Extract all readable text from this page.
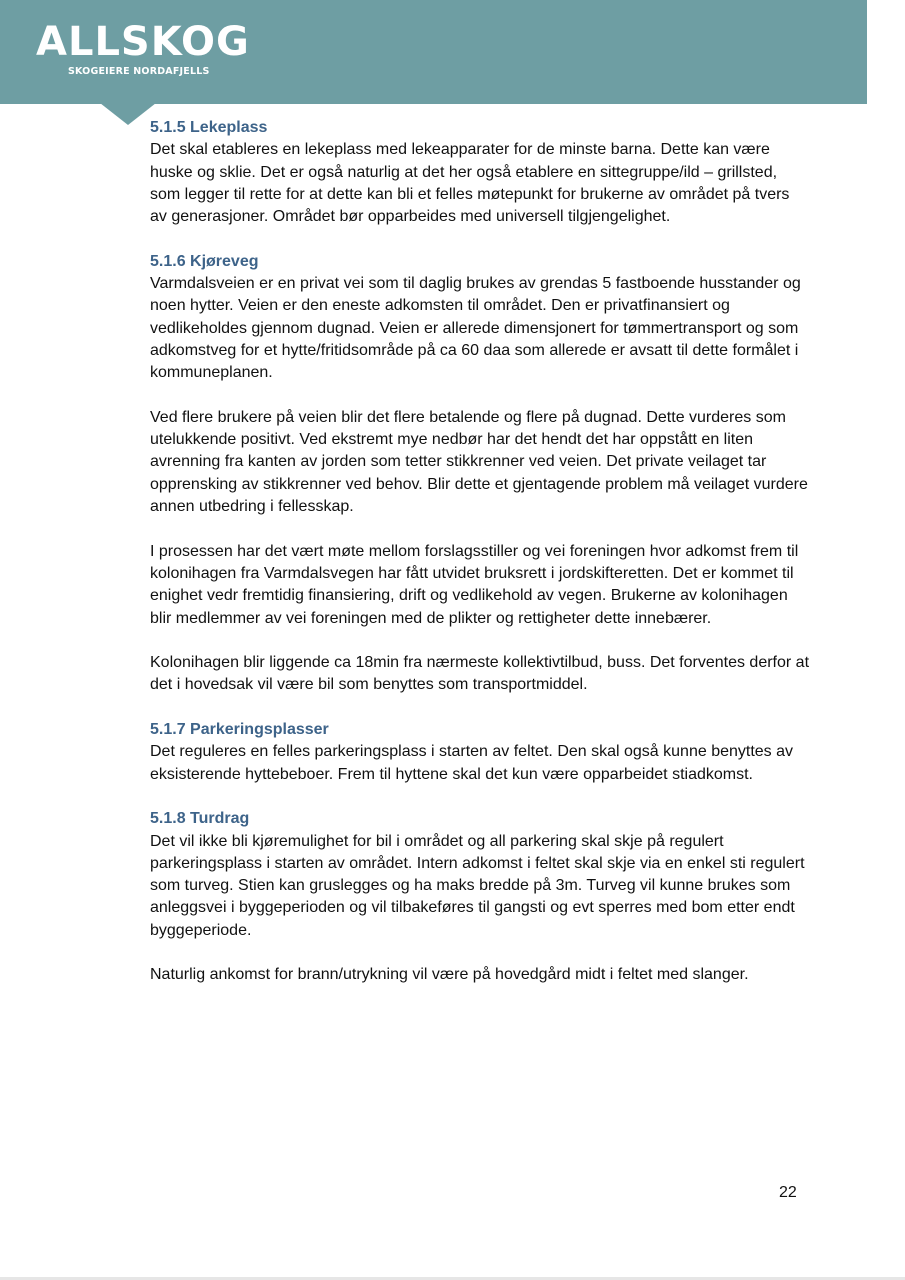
ALLSKOG
SKOGEIERE NORDAFJELLS

5.1.5 Lekeplass

Det skal etableres en lekeplass med lekeapparater for de minste barna. Dette kan være huske og sklie. Det er også naturlig at det her også etablere en sittegruppe/ild – grillsted, som legger til rette for at dette kan bli et felles møtepunkt for brukerne av området på tvers av generasjoner. Området bør opparbeides med universell tilgjengelighet.

5.1.6 Kjøreveg

Varmdalsveien er en privat vei som til daglig brukes av grendas 5 fastboende husstander og noen hytter. Veien er den eneste adkomsten til området. Den er privatfinansiert og vedlikeholdes gjennom dugnad. Veien er allerede dimensjonert for tømmertransport og som adkomstveg for et hytte/fritidsområde på ca 60 daa som allerede er avsatt til dette formålet i kommuneplanen.

Ved flere brukere på veien blir det flere betalende og flere på dugnad. Dette vurderes som utelukkende positivt. Ved ekstremt mye nedbør har det hendt det har oppstått en liten avrenning fra kanten av jorden som tetter stikkrenner ved veien. Det private veilaget tar opprensking av stikkrenner ved behov. Blir dette et gjentagende problem må veilaget vurdere annen utbedring i fellesskap.

I prosessen har det vært møte mellom forslagsstiller og vei foreningen hvor adkomst frem til kolonihagen fra Varmdalsvegen har fått utvidet bruksrett i jordskifteretten. Det er kommet til enighet vedr fremtidig finansiering, drift og vedlikehold av vegen. Brukerne av kolonihagen blir medlemmer av vei foreningen med de plikter og rettigheter dette innebærer.

Kolonihagen blir liggende ca 18min fra nærmeste kollektivtilbud, buss. Det forventes derfor at det i hovedsak vil være bil som benyttes som transportmiddel.

5.1.7 Parkeringsplasser

Det reguleres en felles parkeringsplass i starten av feltet. Den skal også kunne benyttes av eksisterende hyttebeboer. Frem til hyttene skal det kun være opparbeidet stiadkomst.

5.1.8 Turdrag

Det vil ikke bli kjøremulighet for bil i området og all parkering skal skje på regulert parkeringsplass i starten av området. Intern adkomst i feltet skal skje via en enkel sti regulert som turveg. Stien kan gruslegges og ha maks bredde på 3m. Turveg vil kunne brukes som anleggsvei i byggeperioden og vil tilbakeføres til gangsti og evt sperres med bom etter endt byggeperiode.

Naturlig ankomst for brann/utrykning vil være på hovedgård midt i feltet med slanger.

22
